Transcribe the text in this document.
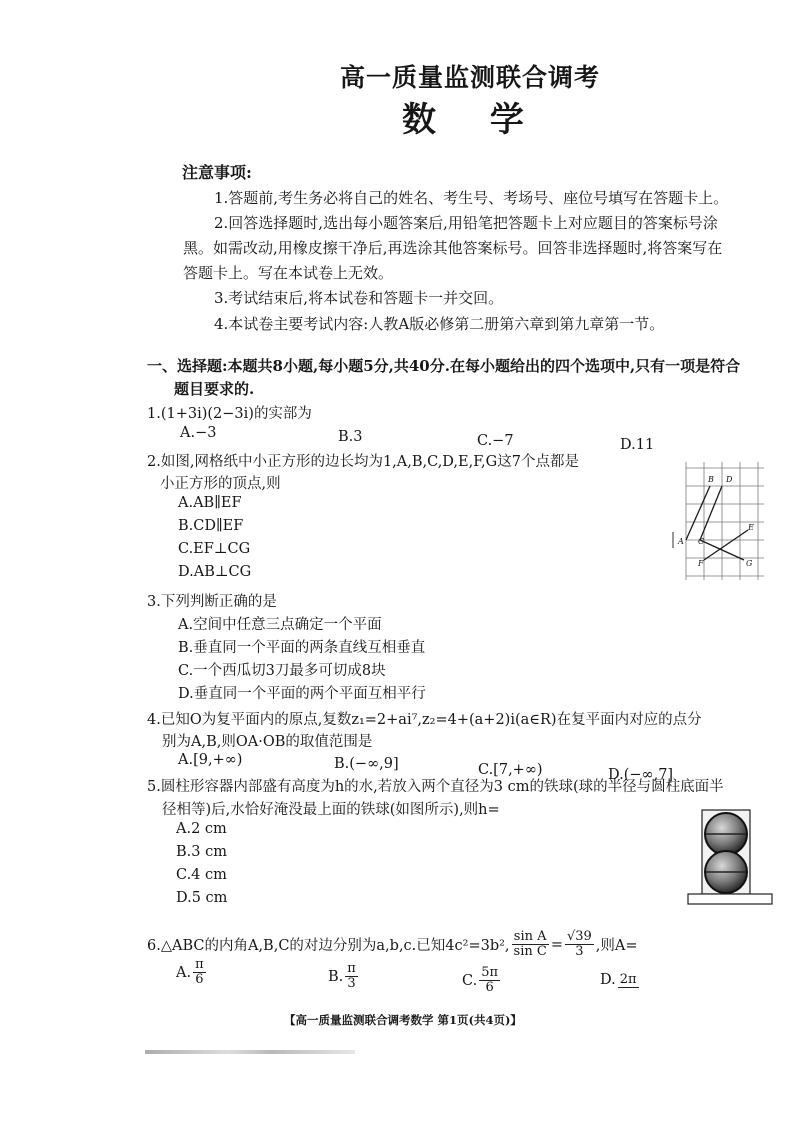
高一质量监测联合调考
数 学
注意事项:
1.答题前,考生务必将自己的姓名、考生号、考场号、座位号填写在答题卡上。
2.回答选择题时,选出每小题答案后,用铅笔把答题卡上对应题目的答案标号涂
黑。如需改动,用橡皮擦干净后,再选涂其他答案标号。回答非选择题时,将答案写在
答题卡上。写在本试卷上无效。
3.考试结束后,将本试卷和答题卡一并交回。
4.本试卷主要考试内容:人教A版必修第二册第六章到第九章第一节。
一、选择题:本题共8小题,每小题5分,共40分.在每小题给出的四个选项中,只有一项是符合
题目要求的.
1.(1+3i)(2−3i)的实部为
A.−3	B.3	C.−7	D.11
2.如图,网格纸中小正方形的边长均为1,A,B,C,D,E,F,G这7个点都是
小正方形的顶点,则
A.AB∥EF
B.CD∥EF
C.EF⊥CG
D.AB⊥CG
B D
E
A C
F	G
3.下列判断正确的是
A.空间中任意三点确定一个平面
B.垂直同一个平面的两条直线互相垂直
C.一个西瓜切3刀最多可切成8块
D.垂直同一个平面的两个平面互相平行
4.已知O为复平面内的原点,复数z₁=2+ai⁷,z₂=4+(a+2)i(a∈R)在复平面内对应的点分
别为A,B,则OA·OB的取值范围是
A.[9,+∞)	B.(−∞,9]	C.[7,+∞)	D.(−∞,7]
5.圆柱形容器内部盛有高度为h的水,若放入两个直径为3 cm的铁球(球的半径与圆柱底面半
径相等)后,水恰好淹没最上面的铁球(如图所示),则h=
A.2 cm
B.3 cm
C.4 cm
D.5 cm
6.△ABC的内角A,B,C的对边分别为a,b,c.已知4c²=3b², $\frac{\text{sin A}}{\text{sin C}} = \frac{√39}{3}$ ,则A=
A. $\frac{\pi}{6}$	B. $\frac{\pi}{3}$	C. $\frac{5\pi}{6}$	D. 2π
【高一质量监测联合调考数学 第1页(共4页)】
